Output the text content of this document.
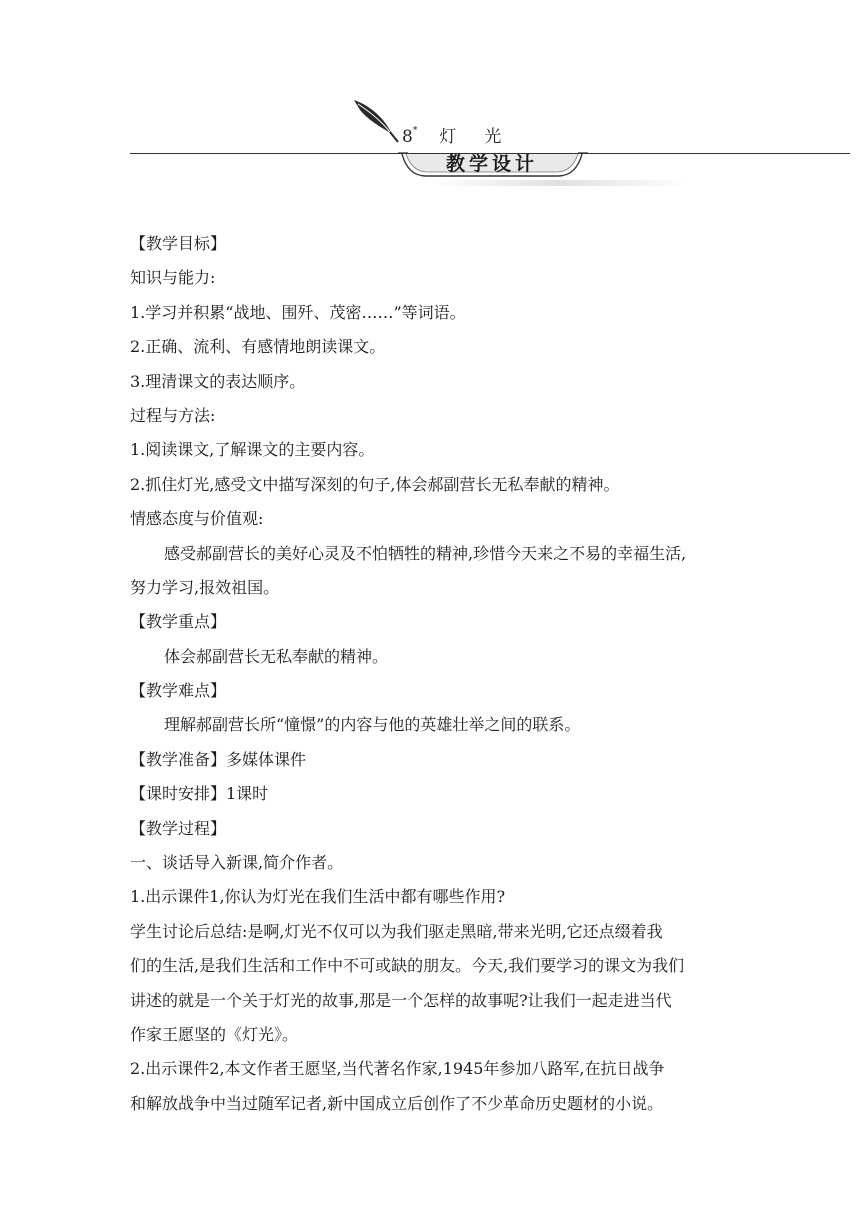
8* 灯 光
教学设计
【教学目标】
知识与能力:
1.学习并积累“战地、围歼、茂密……”等词语。
2.正确、流利、有感情地朗读课文。
3.理清课文的表达顺序。
过程与方法:
1.阅读课文,了解课文的主要内容。
2.抓住灯光,感受文中描写深刻的句子,体会郝副营长无私奉献的精神。
情感态度与价值观:
感受郝副营长的美好心灵及不怕牺牲的精神,珍惜今天来之不易的幸福生活,
努力学习,报效祖国。
【教学重点】
体会郝副营长无私奉献的精神。
【教学难点】
理解郝副营长所“憧憬”的内容与他的英雄壮举之间的联系。
【教学准备】多媒体课件
【课时安排】1课时
【教学过程】
一、谈话导入新课,简介作者。
1.出示课件1,你认为灯光在我们生活中都有哪些作用?
学生讨论后总结:是啊,灯光不仅可以为我们驱走黑暗,带来光明,它还点缀着我
们的生活,是我们生活和工作中不可或缺的朋友。今天,我们要学习的课文为我们
讲述的就是一个关于灯光的故事,那是一个怎样的故事呢?让我们一起走进当代
作家王愿坚的《灯光》。
2.出示课件2,本文作者王愿坚,当代著名作家,1945年参加八路军,在抗日战争
和解放战争中当过随军记者,新中国成立后创作了不少革命历史题材的小说。
